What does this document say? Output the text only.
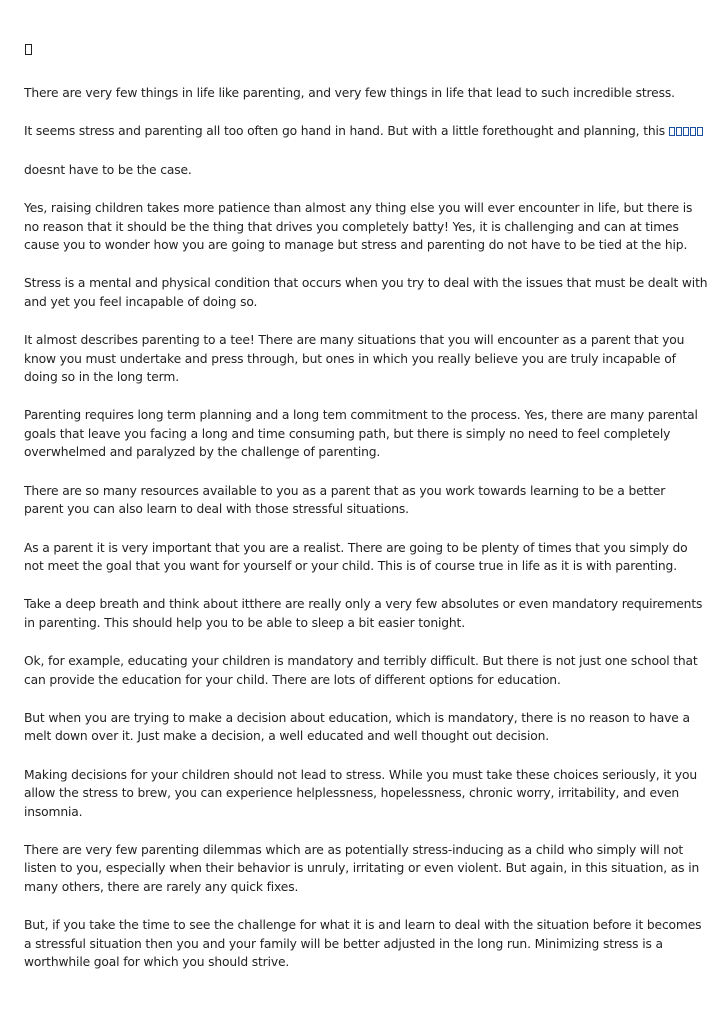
There are very few things in life like parenting, and very few things in life that lead to such incredible stress.

It seems stress and parenting all too often go hand in hand. But with a little forethought and planning, this

doesnt have to be the case.

Yes, raising children takes more patience than almost any thing else you will ever encounter in life, but there is no reason that it should be the thing that drives you completely batty! Yes, it is challenging and can at times cause you to wonder how you are going to manage but stress and parenting do not have to be tied at the hip.

Stress is a mental and physical condition that occurs when you try to deal with the issues that must be dealt with and yet you feel incapable of doing so.

It almost describes parenting to a tee! There are many situations that you will encounter as a parent that you know you must undertake and press through, but ones in which you really believe you are truly incapable of doing so in the long term.

Parenting requires long term planning and a long tem commitment to the process. Yes, there are many parental goals that leave you facing a long and time consuming path, but there is simply no need to feel completely overwhelmed and paralyzed by the challenge of parenting.

There are so many resources available to you as a parent that as you work towards learning to be a better parent you can also learn to deal with those stressful situations.

As a parent it is very important that you are a realist. There are going to be plenty of times that you simply do not meet the goal that you want for yourself or your child. This is of course true in life as it is with parenting.

Take a deep breath and think about itthere are really only a very few absolutes or even mandatory requirements in parenting. This should help you to be able to sleep a bit easier tonight.

Ok, for example, educating your children is mandatory and terribly difficult. But there is not just one school that can provide the education for your child. There are lots of different options for education.

But when you are trying to make a decision about education, which is mandatory, there is no reason to have a melt down over it. Just make a decision, a well educated and well thought out decision.

Making decisions for your children should not lead to stress. While you must take these choices seriously, it you allow the stress to brew, you can experience helplessness, hopelessness, chronic worry, irritability, and even insomnia.

There are very few parenting dilemmas which are as potentially stress-inducing as a child who simply will not listen to you, especially when their behavior is unruly, irritating or even violent. But again, in this situation, as in many others, there are rarely any quick fixes.

But, if you take the time to see the challenge for what it is and learn to deal with the situation before it becomes a stressful situation then you and your family will be better adjusted in the long run. Minimizing stress is a worthwhile goal for which you should strive.
